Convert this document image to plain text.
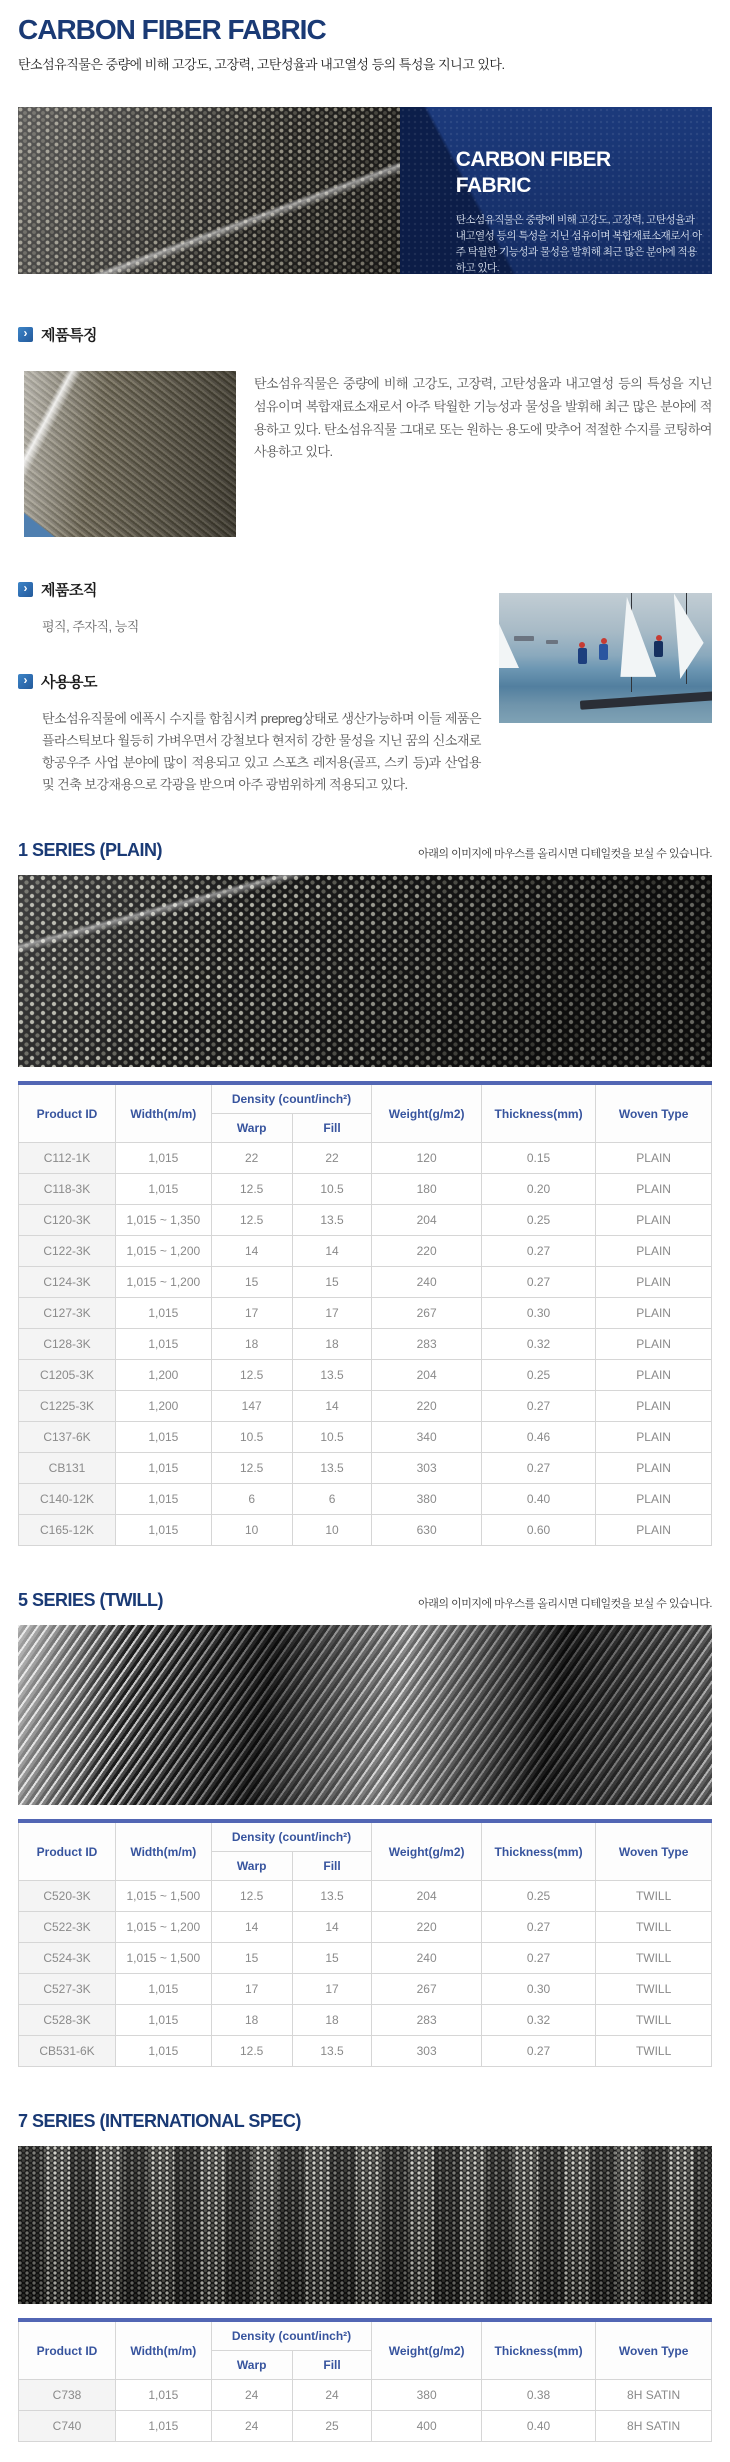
CARBON FIBER FABRIC

탄소섬유직물은 중량에 비해 고강도, 고장력, 고탄성율과 내고열성 등의 특성을 지니고 있다.

CARBON FIBER
FABRIC

탄소섬유직물은 중량에 비해 고강도, 고장력, 고탄성율과 내고열성 등의 특성을 지닌 섬유이며 복합재료소재로서 아주 탁월한 기능성과 물성을 발휘해 최근 많은 분야에 적용하고 있다.

›
제품특징

탄소섬유직물은 중량에 비해 고강도, 고장력, 고탄성율과 내고열성 등의 특성을 지닌 섬유이며 복합재료소재로서 아주 탁월한 기능성과 물성을 발휘해 최근 많은 분야에 적용하고 있다. 탄소섬유직물 그대로 또는 원하는 용도에 맞추어 적절한 수지를 코팅하여 사용하고 있다.

›
제품조직

평직, 주자직, 능직

›
사용용도

탄소섬유직물에 에폭시 수지를 함침시켜 prepreg상태로 생산가능하며 이들 제품은 플라스틱보다 월등히 가벼우면서 강철보다 현저히 강한 물성을 지닌 꿈의 신소재로 항공우주 사업 분야에 많이 적용되고 있고 스포츠 레저용(골프, 스키 등)과 산업용 및 건축 보강재용으로 각광을 받으며 아주 광범위하게 적용되고 있다.

1 SERIES (PLAIN)	아래의 이미지에 마우스를 올리시면 디테일컷을 보실 수 있습니다.
Product ID	Width(m/m)	Density (count/inch²)		Weight(g/m2)	Thickness(mm)	Woven Type
		Warp	Fill			
C112-1K	1,015	22	22	120	0.15	PLAIN
C118-3K	1,015	12.5	10.5	180	0.20	PLAIN
C120-3K	1,015 ~ 1,350	12.5	13.5	204	0.25	PLAIN
C122-3K	1,015 ~ 1,200	14	14	220	0.27	PLAIN
C124-3K	1,015 ~ 1,200	15	15	240	0.27	PLAIN
C127-3K	1,015	17	17	267	0.30	PLAIN
C128-3K	1,015	18	18	283	0.32	PLAIN
C1205-3K	1,200	12.5	13.5	204	0.25	PLAIN
C1225-3K	1,200	147	14	220	0.27	PLAIN
C137-6K	1,015	10.5	10.5	340	0.46	PLAIN
CB131	1,015	12.5	13.5	303	0.27	PLAIN
C140-12K	1,015	6	6	380	0.40	PLAIN
C165-12K	1,015	10	10	630	0.60	PLAIN
5 SERIES (TWILL)	아래의 이미지에 마우스를 올리시면 디테일컷을 보실 수 있습니다.
Product ID	Width(m/m)	Density (count/inch²)		Weight(g/m2)	Thickness(mm)	Woven Type
		Warp	Fill			
C520-3K	1,015 ~ 1,500	12.5	13.5	204	0.25	TWILL
C522-3K	1,015 ~ 1,200	14	14	220	0.27	TWILL
C524-3K	1,015 ~ 1,500	15	15	240	0.27	TWILL
C527-3K	1,015	17	17	267	0.30	TWILL
C528-3K	1,015	18	18	283	0.32	TWILL
CB531-6K	1,015	12.5	13.5	303	0.27	TWILL
7 SERIES (INTERNATIONAL SPEC)
Product ID	Width(m/m)	Density (count/inch²)		Weight(g/m2)	Thickness(mm)	Woven Type
		Warp	Fill			
C738	1,015	24	24	380	0.38	8H SATIN
C740	1,015	24	25	400	0.40	8H SATIN
